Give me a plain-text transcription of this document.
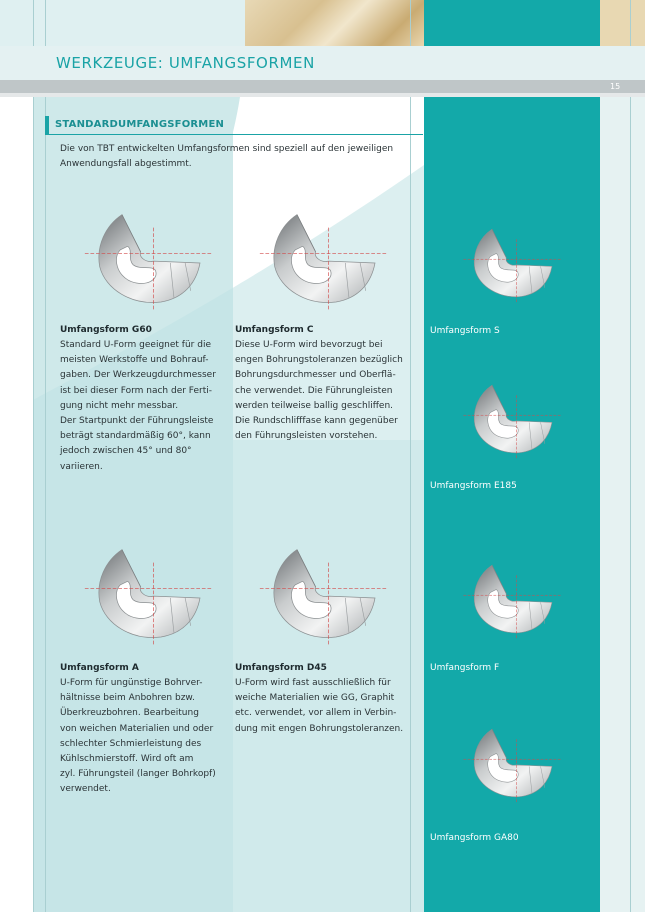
WERKZEUGE: UMFANGSFORMEN
15
STANDARDUMFANGSFORMEN
Die von TBT entwickelten Umfangsformen sind speziell auf den jeweiligen
Anwendungsfall abgestimmt.
Umfangsform G60
Standard U-Form geeignet für die
meisten Werkstoffe und Bohrauf-
gaben. Der Werkzeugdurchmesser
ist bei dieser Form nach der Ferti-
gung nicht mehr messbar.
Der Startpunkt der Führungsleiste
beträgt standardmäßig 60°, kann
jedoch zwischen 45° und 80°
variieren.
Umfangsform C
Diese U-Form wird bevorzugt bei
engen Bohrungstoleranzen bezüglich
Bohrungsdurchmesser und Oberflä-
che verwendet. Die Führungleisten
werden teilweise ballig geschliffen.
Die Rundschlifffase kann gegenüber
den Führungsleisten vorstehen.
Umfangsform A
U-Form für ungünstige Bohrver-
hältnisse beim Anbohren bzw.
Überkreuzbohren. Bearbeitung
von weichen Materialien und oder
schlechter Schmierleistung des
Kühlschmierstoff. Wird oft am
zyl. Führungsteil (langer Bohrkopf)
verwendet.
Umfangsform D45
U-Form wird fast ausschließlich für
weiche Materialien wie GG, Graphit
etc. verwendet, vor allem in Verbin-
dung mit engen Bohrungstoleranzen.
Umfangsform S
Umfangsform E185
Umfangsform F
Umfangsform GA80
